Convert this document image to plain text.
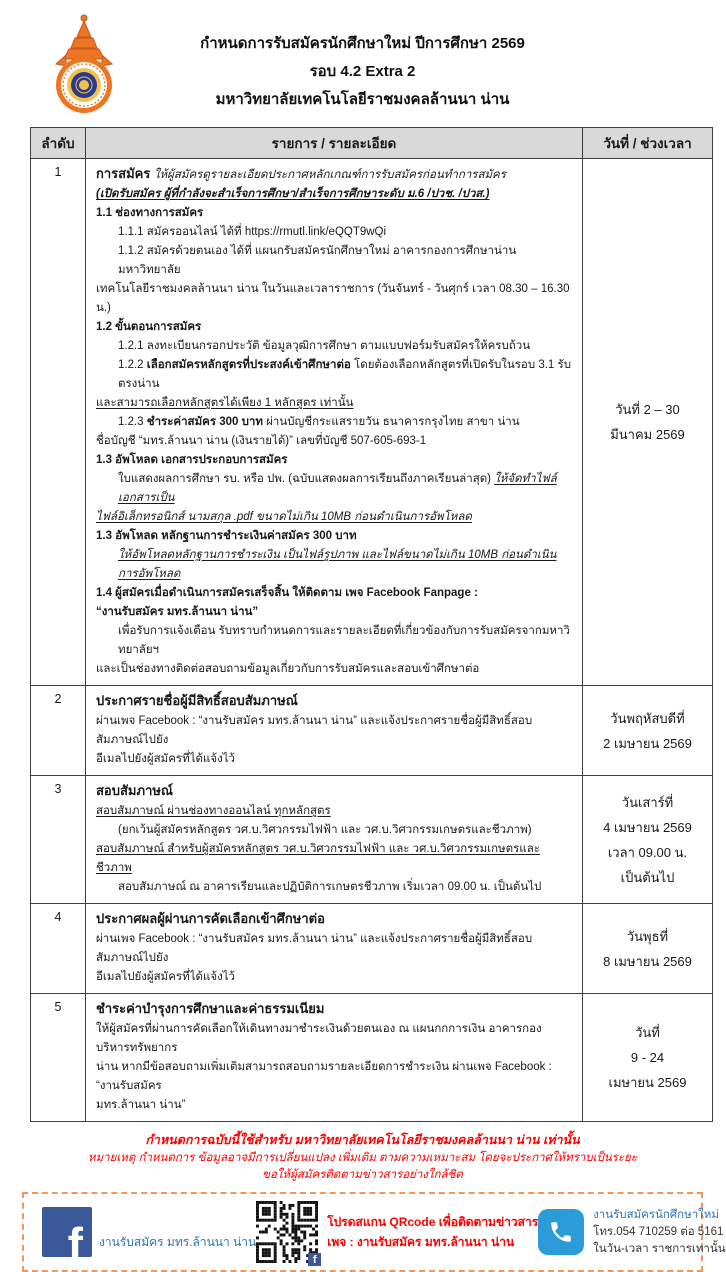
กำหนดการรับสมัครนักศึกษาใหม่ ปีการศึกษา 2569
รอบ 4.2 Extra 2
มหาวิทยาลัยเทคโนโลยีราชมงคลล้านนา น่าน
ลำดับ	รายการ / รายละเอียด	วันที่ / ช่วงเวลา
1	การสมัคร ให้ผู้สมัครดูรายละเอียดประกาศหลักเกณฑ์การรับสมัครก่อนทำการสมัคร
(เปิดรับสมัคร ผู้ที่กำลังจะสำเร็จการศึกษา/สำเร็จการศึกษาระดับ ม.6 /ปวช. /ปวส.)
1.1 ช่องทางการสมัคร
1.1.1 สมัครออนไลน์ ได้ที่ https://rmutl.link/eQQT9wQi
1.1.2 สมัครด้วยตนเอง ได้ที่ แผนกรับสมัครนักศึกษาใหม่ อาคารกองการศึกษาน่าน มหาวิทยาลัย
เทคโนโลยีราชมงคลล้านนา น่าน ในวันและเวลาราชการ (วันจันทร์ - วันศุกร์ เวลา 08.30 – 16.30 น.)
1.2 ขั้นตอนการสมัคร
1.2.1 ลงทะเบียนกรอกประวัติ ข้อมูลวุฒิการศึกษา ตามแบบฟอร์มรับสมัครให้ครบถ้วน
1.2.2 เลือกสมัครหลักสูตรที่ประสงค์เข้าศึกษาต่อ โดยต้องเลือกหลักสูตรที่เปิดรับในรอบ 3.1 รับตรงน่าน
และสามารถเลือกหลักสูตรได้เพียง 1 หลักสูตร เท่านั้น
1.2.3 ชำระค่าสมัคร 300 บาท ผ่านบัญชีกระแสรายวัน ธนาคารกรุงไทย สาขา น่าน
ชื่อบัญชี “มทร.ล้านนา น่าน (เงินรายได้)” เลขที่บัญชี 507-605-693-1
1.3 อัพโหลด เอกสารประกอบการสมัคร
ใบแสดงผลการศึกษา รบ. หรือ ปพ. (ฉบับแสดงผลการเรียนถึงภาคเรียนล่าสุด) ให้จัดทำไฟล์เอกสารเป็น
ไฟล์อิเล็กทรอนิกส์ นามสกุล .pdf ขนาดไม่เกิน 10MB ก่อนดำเนินการอัพโหลด
1.3 อัพโหลด หลักฐานการชำระเงินค่าสมัคร 300 บาท
ให้อัพโหลดหลักฐานการชำระเงิน เป็นไฟล์รูปภาพ และไฟล์ขนาดไม่เกิน 10MB ก่อนดำเนินการอัพโหลด
1.4 ผู้สมัครเมื่อดำเนินการสมัครเสร็จสิ้น ให้ติดตาม เพจ Facebook Fanpage :
“งานรับสมัคร มทร.ล้านนา น่าน”
เพื่อรับการแจ้งเตือน รับทราบกำหนดการและรายละเอียดที่เกี่ยวข้องกับการรับสมัครจากมหาวิทยาลัยฯ
และเป็นช่องทางติดต่อสอบถามข้อมูลเกี่ยวกับการรับสมัครและสอบเข้าศึกษาต่อ

วันที่ 2 – 30
มีนาคม 2569

2	ประกาศรายชื่อผู้มีสิทธิ์สอบสัมภาษณ์
ผ่านเพจ Facebook : “งานรับสมัคร มทร.ล้านนา น่าน” และแจ้งประกาศรายชื่อผู้มีสิทธิ์สอบสัมภาษณ์ไปยัง
อีเมลไปยังผู้สมัครที่ได้แจ้งไว้

วันพฤหัสบดีที่
2 เมษายน 2569

3	สอบสัมภาษณ์
สอบสัมภาษณ์ ผ่านช่องทางออนไลน์ ทุกหลักสูตร
(ยกเว้นผู้สมัครหลักสูตร วศ.บ.วิศวกรรมไฟฟ้า และ วศ.บ.วิศวกรรมเกษตรและชีวภาพ)
สอบสัมภาษณ์ สำหรับผู้สมัครหลักสูตร วศ.บ.วิศวกรรมไฟฟ้า และ วศ.บ.วิศวกรรมเกษตรและชีวภาพ
สอบสัมภาษณ์ ณ อาคารเรียนและปฏิบัติการเกษตรชีวภาพ เริ่มเวลา 09.00 น. เป็นต้นไป

วันเสาร์ที่
4 เมษายน 2569
เวลา 09.00 น.
เป็นต้นไป

4	ประกาศผลผู้ผ่านการคัดเลือกเข้าศึกษาต่อ
ผ่านเพจ Facebook : “งานรับสมัคร มทร.ล้านนา น่าน” และแจ้งประกาศรายชื่อผู้มีสิทธิ์สอบสัมภาษณ์ไปยัง
อีเมลไปยังผู้สมัครที่ได้แจ้งไว้

วันพุธที่
8 เมษายน 2569

5	ชำระค่าบำรุงการศึกษาและค่าธรรมเนียม
ให้ผู้สมัครที่ผ่านการคัดเลือกให้เดินทางมาชำระเงินด้วยตนเอง ณ แผนกกการเงิน อาคารกองบริหารทรัพยากร
น่าน หากมีข้อสอบถามเพิ่มเติมสามารถสอบถามรายละเอียดการชำระเงิน ผ่านเพจ Facebook : “งานรับสมัคร
มทร.ล้านนา น่าน”

วันที่
9 - 24
เมษายน 2569
กำหนดการฉบับนี้ใช้สำหรับ มหาวิทยาลัยเทคโนโลยีราชมงคลล้านนา น่าน เท่านั้น
หมายเหตุ กำหนดการ ข้อมูลอาจมีการเปลี่ยนแปลง เพิ่มเติม ตามความเหมาะสม โดยจะประกาศให้ทราบเป็นระยะ
ขอให้ผู้สมัครติดตามข่าวสารอย่างใกล้ชิด
f งานรับสมัคร มทร.ล้านนา น่าน
f
โปรดสแกน QRcode เพื่อติดตามข่าวสาร
เพจ : งานรับสมัคร มทร.ล้านนา น่าน
งานรับสมัครนักศึกษาใหม่
โทร.054 710259 ต่อ 5161
ในวัน-เวลา ราชการเท่านั้น
